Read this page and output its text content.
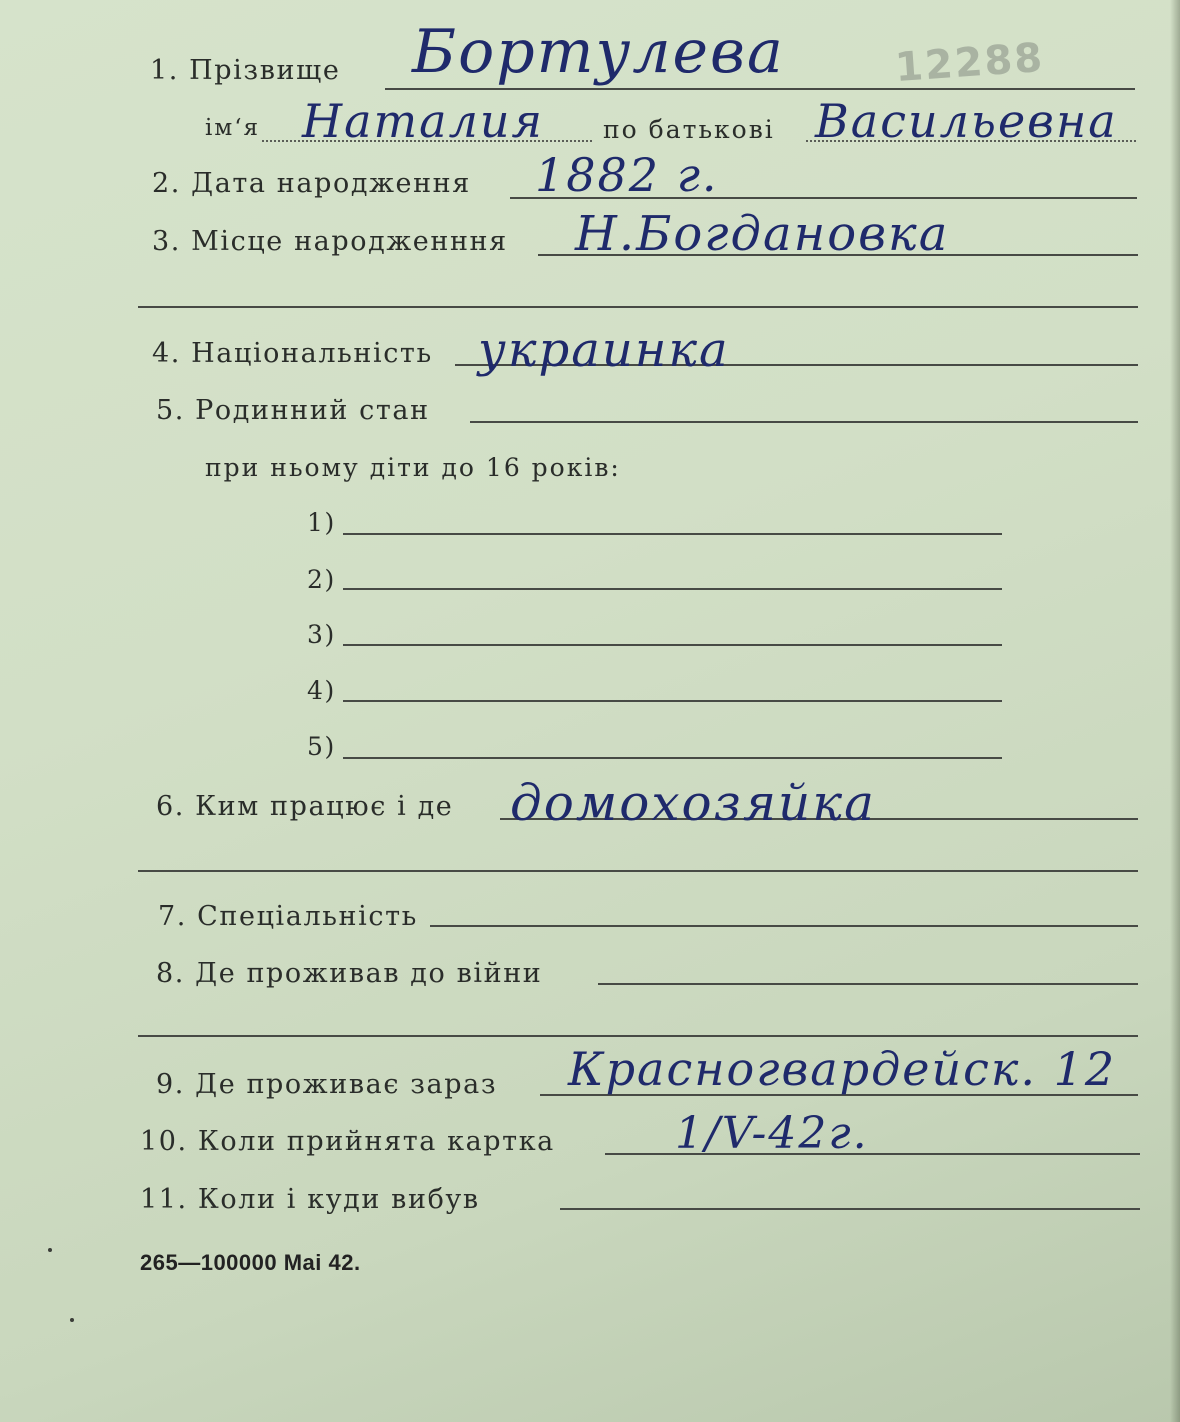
1. Прізвище Бортулева	12288
ім‘я Наталия по батькові Васильевна
2. Дата народження 1882 г.
3. Місце народженння Н.Богдановка
4. Національність украинка
5. Родинний стан
при ньому діти до 16 років:
1)
2)
3)
4)
5)
6. Ким працює і де домохозяйка
7. Спеціальність
8. Де проживав до війни
9. Де проживає зараз Красногвардейск. 12
10. Коли прийнята картка	1/V-42г.
11. Коли і куди вибув
265—100000 Mai 42.
